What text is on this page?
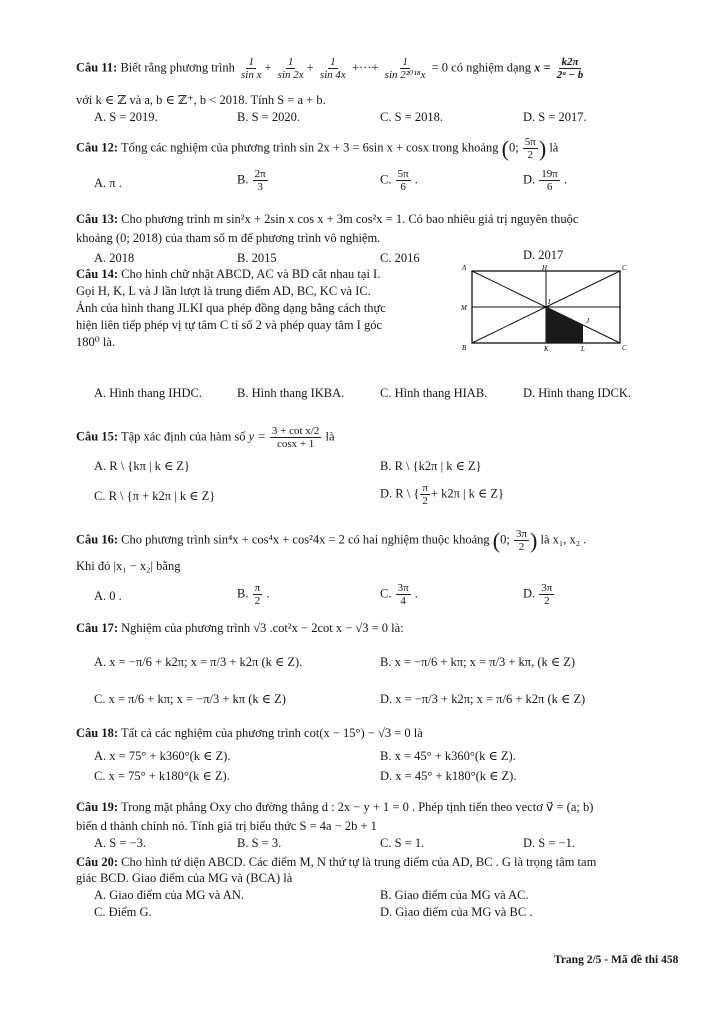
Câu 11: Biết rằng phương trình $\frac{1}{\text{sin x}} + \frac{1}{\sin 2x} + \frac{1}{\sin 4x}$ +···+ $\frac{1}{\text{sin 2²⁰¹⁸x}} = 0$ có nghiệm dạng $x = \frac{k2\pi}{\text{2ᵃ − b}}$
với k ∈ ℤ và a, b ∈ ℤ⁺, b < 2018. Tính S = a + b.
A. S = 2019.	B. S = 2020.	C. S = 2018.	D. S = 2017.
Câu 12: Tổng các nghiệm của phương trình sin 2x + 3 = 6sin x + cosx trong khoảng (0; $\frac{5\pi}{2}$ ) là
A. π .	B. $\frac{2\pi}{3}$	C. $\frac{5\pi}{6}$ .	D. $\frac{19\pi}{6}$ .
Câu 13: Cho phương trình m sin²x + 2sin x cos x + 3m cos²x = 1. Có bao nhiêu giá trị nguyên thuộc
khoảng (0; 2018) của tham số m để phương trình vô nghiệm.
A. 2018	B. 2015	C. 2016	D. 2017
Câu 14: Cho hình chữ nhật ABCD, AC và BD cắt nhau tại I.
Gọi H, K, L và J lần lượt là trung điểm AD, BC, KC và IC.
Ảnh của hình thang JLKI qua phép đồng dạng bằng cách thực
hiện liên tiếp phép vị tự tâm C tỉ số 2 và phép quay tâm I góc
180⁰ là.
A	H	C
M
I
J
B	K	L	C
A. Hình thang IHDC.	B. Hình thang IKBA.	C. Hình thang HIAB.	D. Hình thang IDCK.
Câu 15: Tập xác định của hàm số $y = \frac{\text{3 + cot x/2}}{\cos x + 1}$ là
A. R \ {kπ | k ∈ Z}	B. R \ {k2π | k ∈ Z}
C. R \ {π + k2π | k ∈ Z}	D. R \ { $\frac{\pi}{2} + k2\pi$ | k ∈ Z}
Câu 16: Cho phương trình sin⁴x + cos⁴x + cos²4x = 2 có hai nghiệm thuộc khoảng (0; $\frac{3\pi}{2}$ ) là x₁, x₂ .
Khi đó |x₁ − x₂| bằng
A. 0 .	B. $\frac{\pi}{2}$ .	C. $\frac{3\pi}{4}$ .	D. $\frac{3\pi}{2}$
Câu 17: Nghiệm của phương trình √3 .cot²x − 2cot x − √3 = 0 là:
A. x = −π/6 + k2π; x = π/3 + k2π (k ∈ Z).	B. x = −π/6 + kπ; x = π/3 + kπ, (k ∈ Z)
C. x = π/6 + kπ; x = −π/3 + kπ (k ∈ Z)	D. x = −π/3 + k2π; x = π/6 + k2π (k ∈ Z)
Câu 18: Tất cả các nghiệm của phương trình cot(x − 15°) − √3 = 0 là
A. x = 75° + k360°(k ∈ Z).	B. x = 45° + k360°(k ∈ Z).
C. x = 75° + k180°(k ∈ Z).	D. x = 45° + k180°(k ∈ Z).
Câu 19: Trong mặt phẳng Oxy cho đường thẳng d : 2x − y + 1 = 0 . Phép tịnh tiến theo vectơ v⃗ = (a; b)
biến d thành chính nó. Tính giá trị biểu thức S = 4a − 2b + 1
A. S = −3.	B. S = 3.	C. S = 1.	D. S = −1.
Câu 20: Cho hình tứ diện ABCD. Các điểm M, N thứ tự là trung điểm của AD, BC . G là trọng tâm tam
giác BCD. Giao điểm của MG và (BCA) là
A. Giao điểm của MG và AN.	B. Giao điểm của MG và AC.
C. Điểm G.	D. Giao điểm của MG và BC .
Trang 2/5 - Mã đề thi 458
